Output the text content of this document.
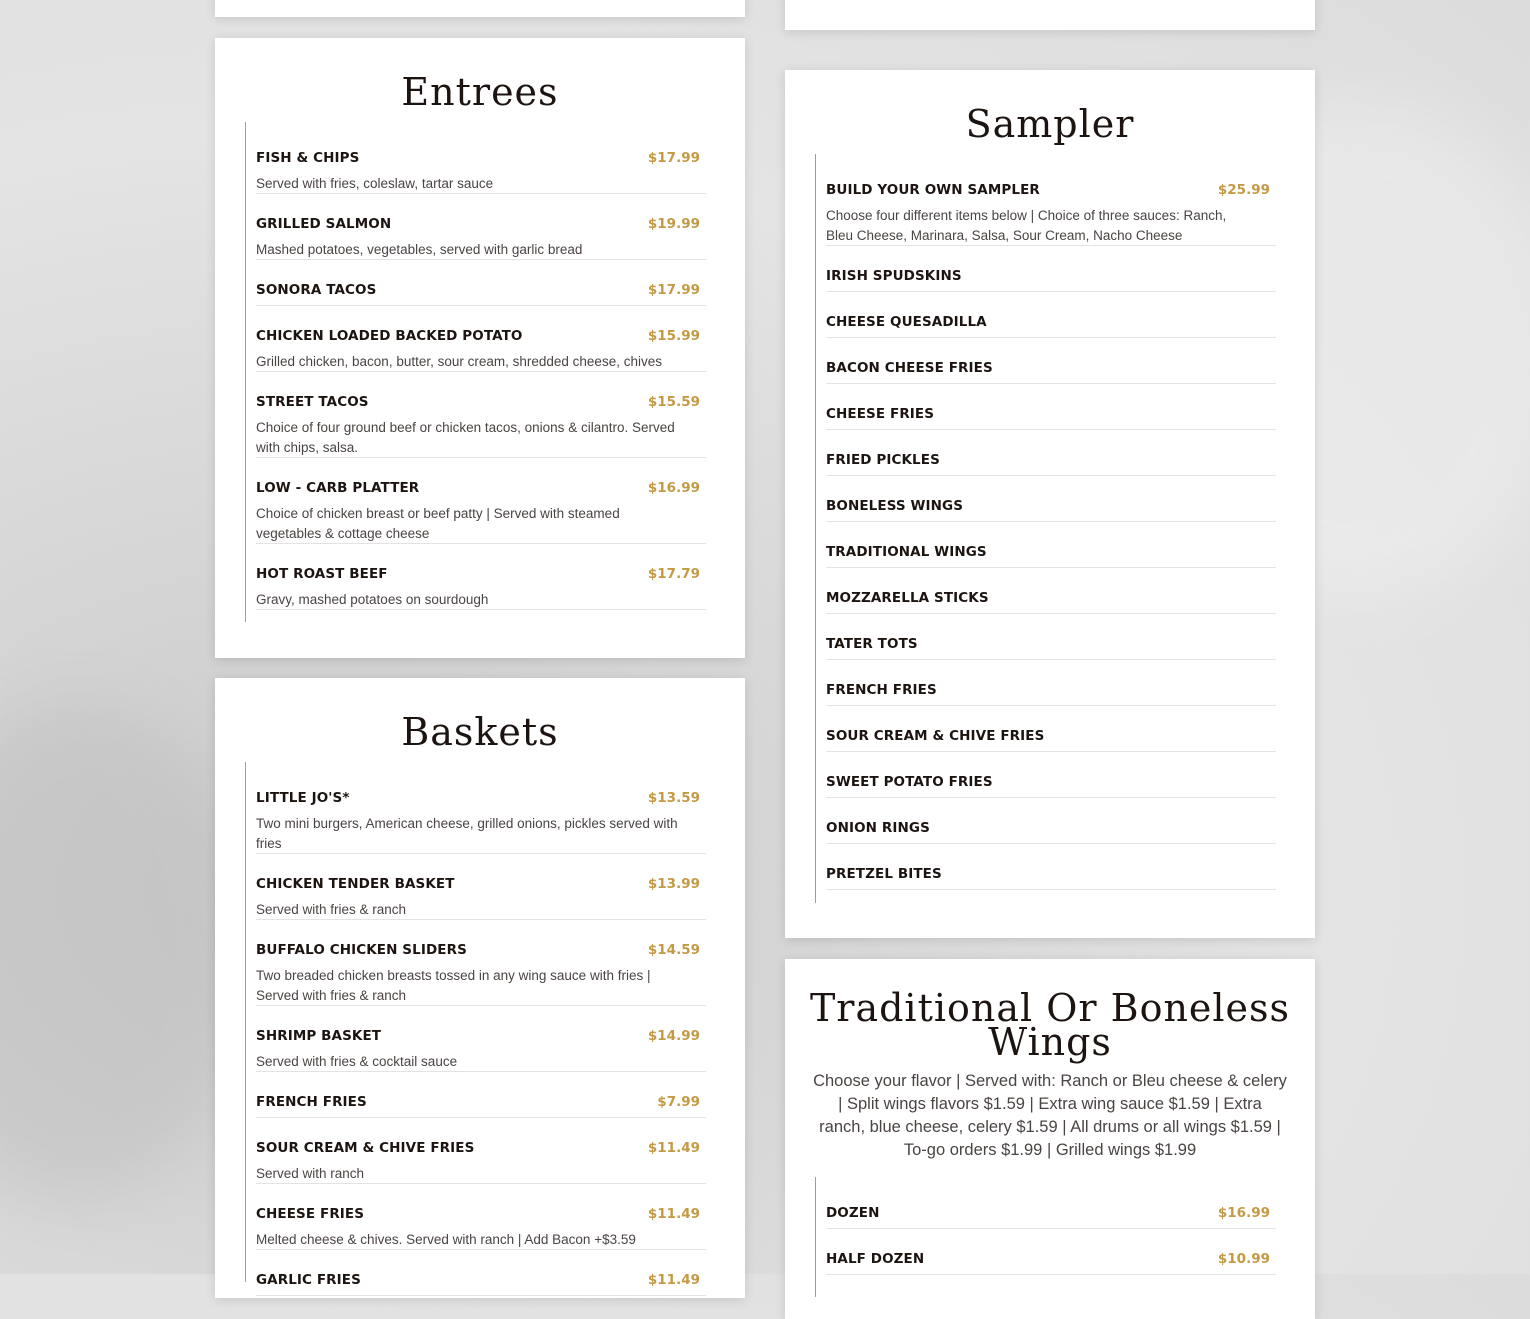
Entrees
FISH & CHIPS	$17.99
Served with fries, coleslaw, tartar sauce
GRILLED SALMON	$19.99
Mashed potatoes, vegetables, served with garlic bread
SONORA TACOS	$17.99
CHICKEN LOADED BACKED POTATO	$15.99
Grilled chicken, bacon, butter, sour cream, shredded cheese, chives
STREET TACOS	$15.59
Choice of four ground beef or chicken tacos, onions & cilantro. Served with chips, salsa.
LOW - CARB PLATTER	$16.99
Choice of chicken breast or beef patty | Served with steamed vegetables & cottage cheese
HOT ROAST BEEF	$17.79
Gravy, mashed potatoes on sourdough
Baskets
LITTLE JO'S*	$13.59
Two mini burgers, American cheese, grilled onions, pickles served with fries
CHICKEN TENDER BASKET	$13.99
Served with fries & ranch
BUFFALO CHICKEN SLIDERS	$14.59
Two breaded chicken breasts tossed in any wing sauce with fries | Served with fries & ranch
SHRIMP BASKET	$14.99
Served with fries & cocktail sauce
FRENCH FRIES	$7.99
SOUR CREAM & CHIVE FRIES	$11.49
Served with ranch
CHEESE FRIES	$11.49
Melted cheese & chives. Served with ranch | Add Bacon +$3.59
GARLIC FRIES	$11.49
Sampler
BUILD YOUR OWN SAMPLER	$25.99
Choose four different items below | Choice of three sauces: Ranch, Bleu Cheese, Marinara, Salsa, Sour Cream, Nacho Cheese
IRISH SPUDSKINS
CHEESE QUESADILLA
BACON CHEESE FRIES
CHEESE FRIES
FRIED PICKLES
BONELESS WINGS
TRADITIONAL WINGS
MOZZARELLA STICKS
TATER TOTS
FRENCH FRIES
SOUR CREAM & CHIVE FRIES
SWEET POTATO FRIES
ONION RINGS
PRETZEL BITES
Traditional Or Boneless
Wings
Choose your flavor | Served with: Ranch or Bleu cheese & celery | Split wings flavors $1.59 | Extra wing sauce $1.59 | Extra ranch, blue cheese, celery $1.59 | All drums or all wings $1.59 | To-go orders $1.99 | Grilled wings $1.99
DOZEN	$16.99
HALF DOZEN	$10.99
